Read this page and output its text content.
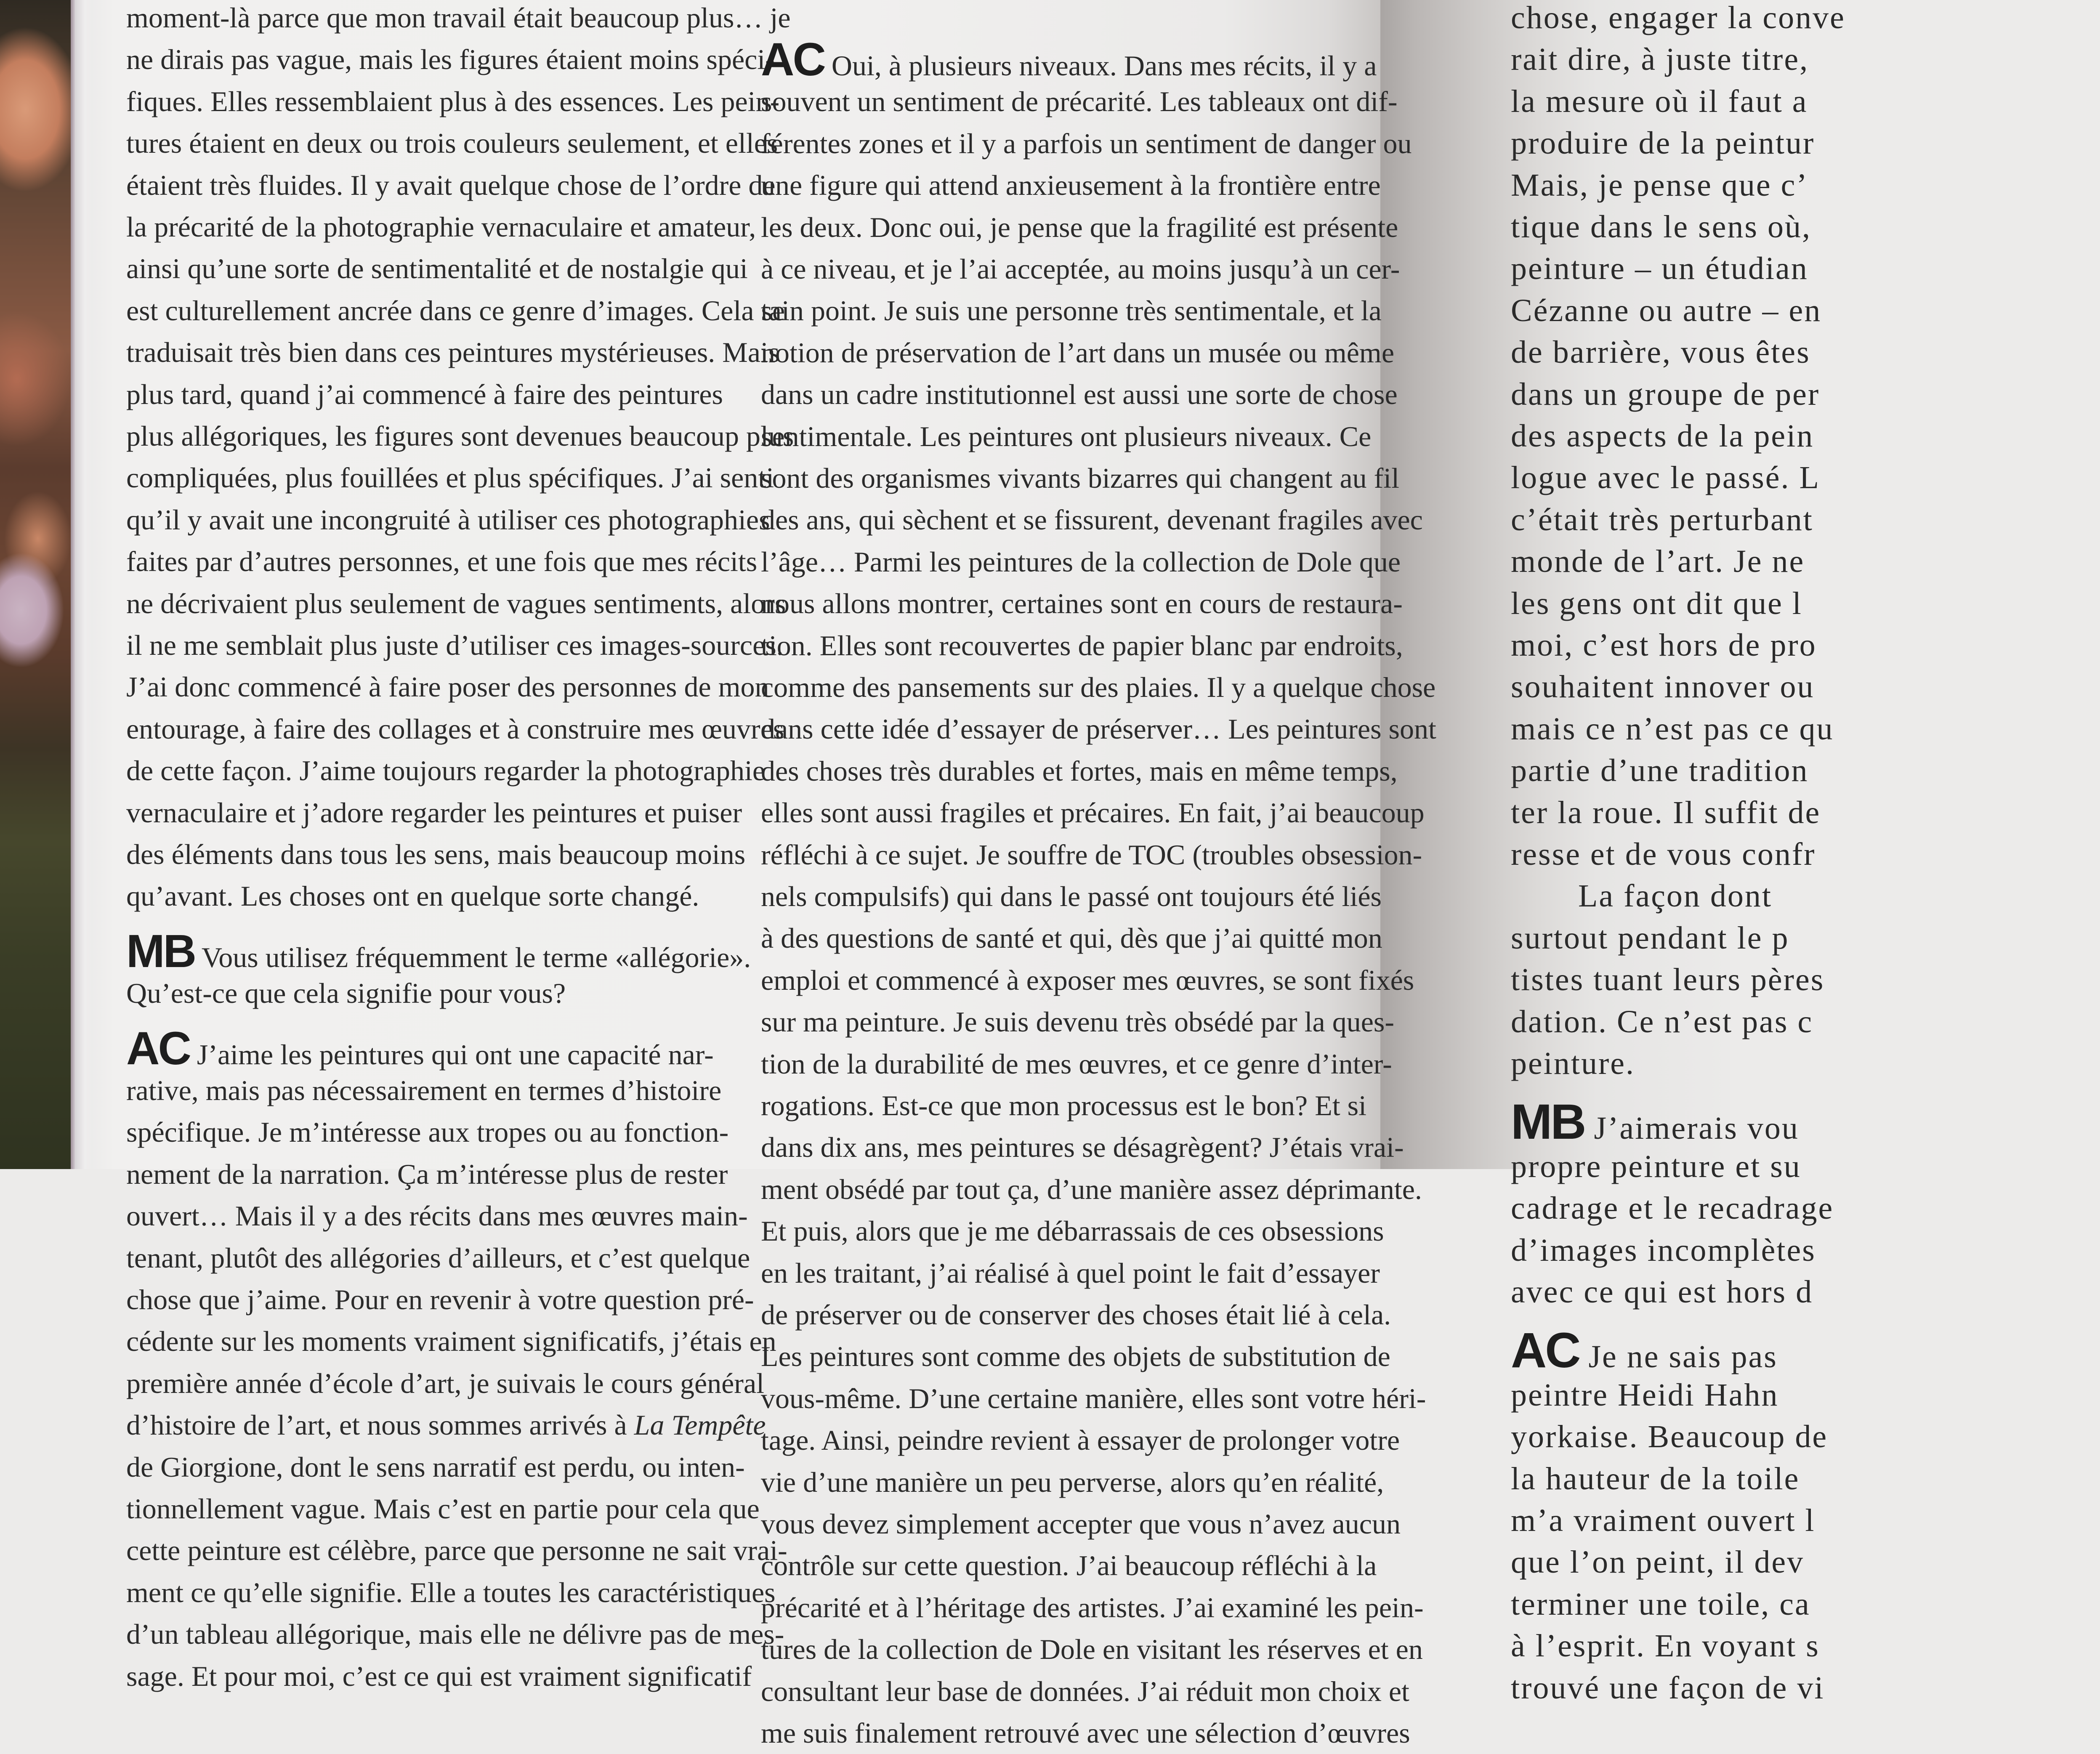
moment-là parce que mon travail était beaucoup plus… je
ne dirais pas vague, mais les figures étaient moins spéci-
fiques. Elles ressemblaient plus à des essences. Les pein-
tures étaient en deux ou trois couleurs seulement, et elles
étaient très fluides. Il y avait quelque chose de l’ordre de
la précarité de la photographie vernaculaire et amateur,
ainsi qu’une sorte de sentimentalité et de nostalgie qui
est culturellement ancrée dans ce genre d’images. Cela se
traduisait très bien dans ces peintures mystérieuses. Mais
plus tard, quand j’ai commencé à faire des peintures
plus allégoriques, les figures sont devenues beaucoup plus
compliquées, plus fouillées et plus spécifiques. J’ai senti
qu’il y avait une incongruité à utiliser ces photographies
faites par d’autres personnes, et une fois que mes récits
ne décrivaient plus seulement de vagues sentiments, alors
il ne me semblait plus juste d’utiliser ces images-sources.
J’ai donc commencé à faire poser des personnes de mon
entourage, à faire des collages et à construire mes œuvres
de cette façon. J’aime toujours regarder la photographie
vernaculaire et j’adore regarder les peintures et puiser
des éléments dans tous les sens, mais beaucoup moins
qu’avant. Les choses ont en quelque sorte changé.
MB Vous utilisez fréquemment le terme «allégorie».
Qu’est-ce que cela signifie pour vous?
AC J’aime les peintures qui ont une capacité nar-
rative, mais pas nécessairement en termes d’histoire
spécifique. Je m’intéresse aux tropes ou au fonction-
nement de la narration. Ça m’intéresse plus de rester
ouvert… Mais il y a des récits dans mes œuvres main-
tenant, plutôt des allégories d’ailleurs, et c’est quelque
chose que j’aime. Pour en revenir à votre question pré-
cédente sur les moments vraiment significatifs, j’étais en
première année d’école d’art, je suivais le cours général
d’histoire de l’art, et nous sommes arrivés à La Tempête
de Giorgione, dont le sens narratif est perdu, ou inten-
tionnellement vague. Mais c’est en partie pour cela que
cette peinture est célèbre, parce que personne ne sait vrai-
ment ce qu’elle signifie. Elle a toutes les caractéristiques
d’un tableau allégorique, mais elle ne délivre pas de mes-
sage. Et pour moi, c’est ce qui est vraiment significatif
AC Oui, à plusieurs niveaux. Dans mes récits, il y a
souvent un sentiment de précarité. Les tableaux ont dif-
férentes zones et il y a parfois un sentiment de danger ou
une figure qui attend anxieusement à la frontière entre
les deux. Donc oui, je pense que la fragilité est présente
à ce niveau, et je l’ai acceptée, au moins jusqu’à un cer-
tain point. Je suis une personne très sentimentale, et la
notion de préservation de l’art dans un musée ou même
dans un cadre institutionnel est aussi une sorte de chose
sentimentale. Les peintures ont plusieurs niveaux. Ce
sont des organismes vivants bizarres qui changent au fil
des ans, qui sèchent et se fissurent, devenant fragiles avec
l’âge… Parmi les peintures de la collection de Dole que
nous allons montrer, certaines sont en cours de restaura-
tion. Elles sont recouvertes de papier blanc par endroits,
comme des pansements sur des plaies. Il y a quelque chose
dans cette idée d’essayer de préserver… Les peintures sont
des choses très durables et fortes, mais en même temps,
elles sont aussi fragiles et précaires. En fait, j’ai beaucoup
réfléchi à ce sujet. Je souffre de TOC (troubles obsession-
nels compulsifs) qui dans le passé ont toujours été liés
à des questions de santé et qui, dès que j’ai quitté mon
emploi et commencé à exposer mes œuvres, se sont fixés
sur ma peinture. Je suis devenu très obsédé par la ques-
tion de la durabilité de mes œuvres, et ce genre d’inter-
rogations. Est-ce que mon processus est le bon? Et si
dans dix ans, mes peintures se désagrègent? J’étais vrai-
ment obsédé par tout ça, d’une manière assez déprimante.
Et puis, alors que je me débarrassais de ces obsessions
en les traitant, j’ai réalisé à quel point le fait d’essayer
de préserver ou de conserver des choses était lié à cela.
Les peintures sont comme des objets de substitution de
vous-même. D’une certaine manière, elles sont votre héri-
tage. Ainsi, peindre revient à essayer de prolonger votre
vie d’une manière un peu perverse, alors qu’en réalité,
vous devez simplement accepter que vous n’avez aucun
contrôle sur cette question. J’ai beaucoup réfléchi à la
précarité et à l’héritage des artistes. J’ai examiné les pein-
tures de la collection de Dole en visitant les réserves et en
consultant leur base de données. J’ai réduit mon choix et
me suis finalement retrouvé avec une sélection d’œuvres
chose, engager la conve
rait dire, à juste titre,
la mesure où il faut a
produire de la peintur
Mais, je pense que c’
tique dans le sens où,
peinture – un étudian
Cézanne ou autre – en
de barrière, vous êtes
dans un groupe de per
des aspects de la pein
logue avec le passé. L
c’était très perturbant
monde de l’art. Je ne
les gens ont dit que l
moi, c’est hors de pro
souhaitent innover ou
mais ce n’est pas ce qu
partie d’une tradition
ter la roue. Il suffit de
resse et de vous confr
La façon dont
surtout pendant le p
tistes tuant leurs pères
dation. Ce n’est pas c
peinture.
MB J’aimerais vou
propre peinture et su
cadrage et le recadrage
d’images incomplètes
avec ce qui est hors d
AC Je ne sais pas
peintre Heidi Hahn
yorkaise. Beaucoup de
la hauteur de la toile
m’a vraiment ouvert l
que l’on peint, il dev
terminer une toile, ca
à l’esprit. En voyant s
trouvé une façon de vi
